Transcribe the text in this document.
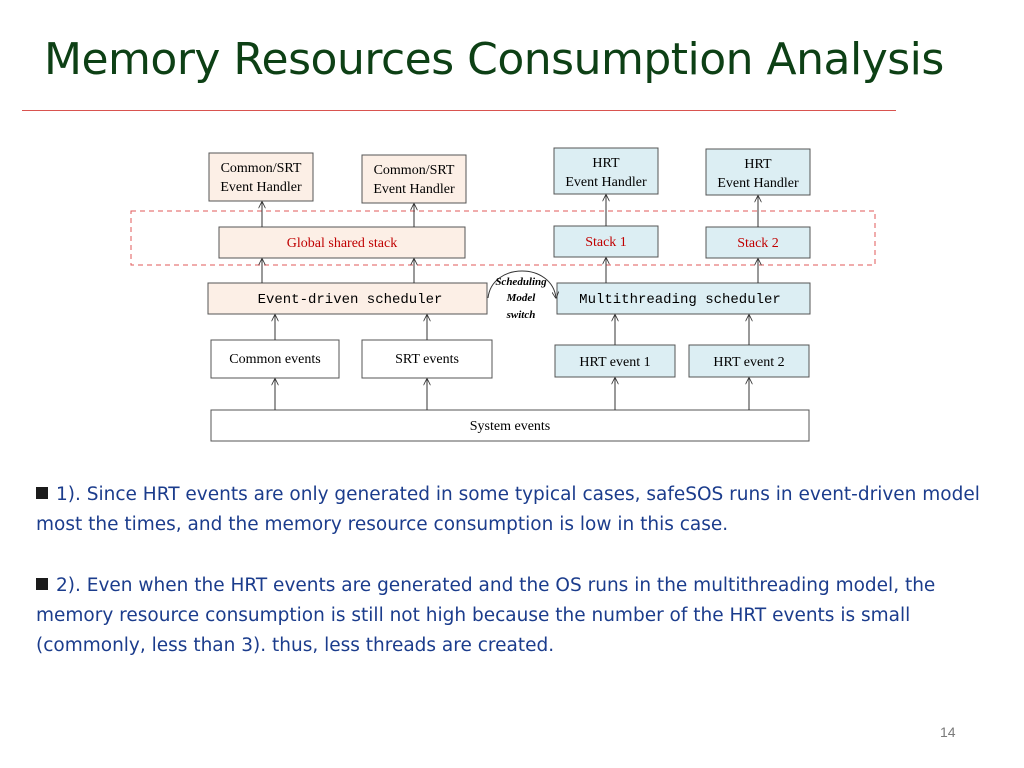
Memory Resources Consumption Analysis
Common/SRT
Event Handler
Common/SRT
Event Handler
HRT
Event Handler
HRT
Event Handler
Global shared stack	Stack 1	Stack 2
Event-driven scheduler	Multithreading scheduler
Scheduling
Model
switch
Common events	SRT events	HRT event 1	HRT event 2
System events
1). Since HRT events are only generated in some typical cases, safeSOS runs in event-driven model most the times, and the memory resource consumption is low in this case.
2). Even when the HRT events are generated and the OS runs in the multithreading model, the memory resource consumption is still not high because the number of the HRT events is small (commonly, less than 3). thus, less threads are created.
14
